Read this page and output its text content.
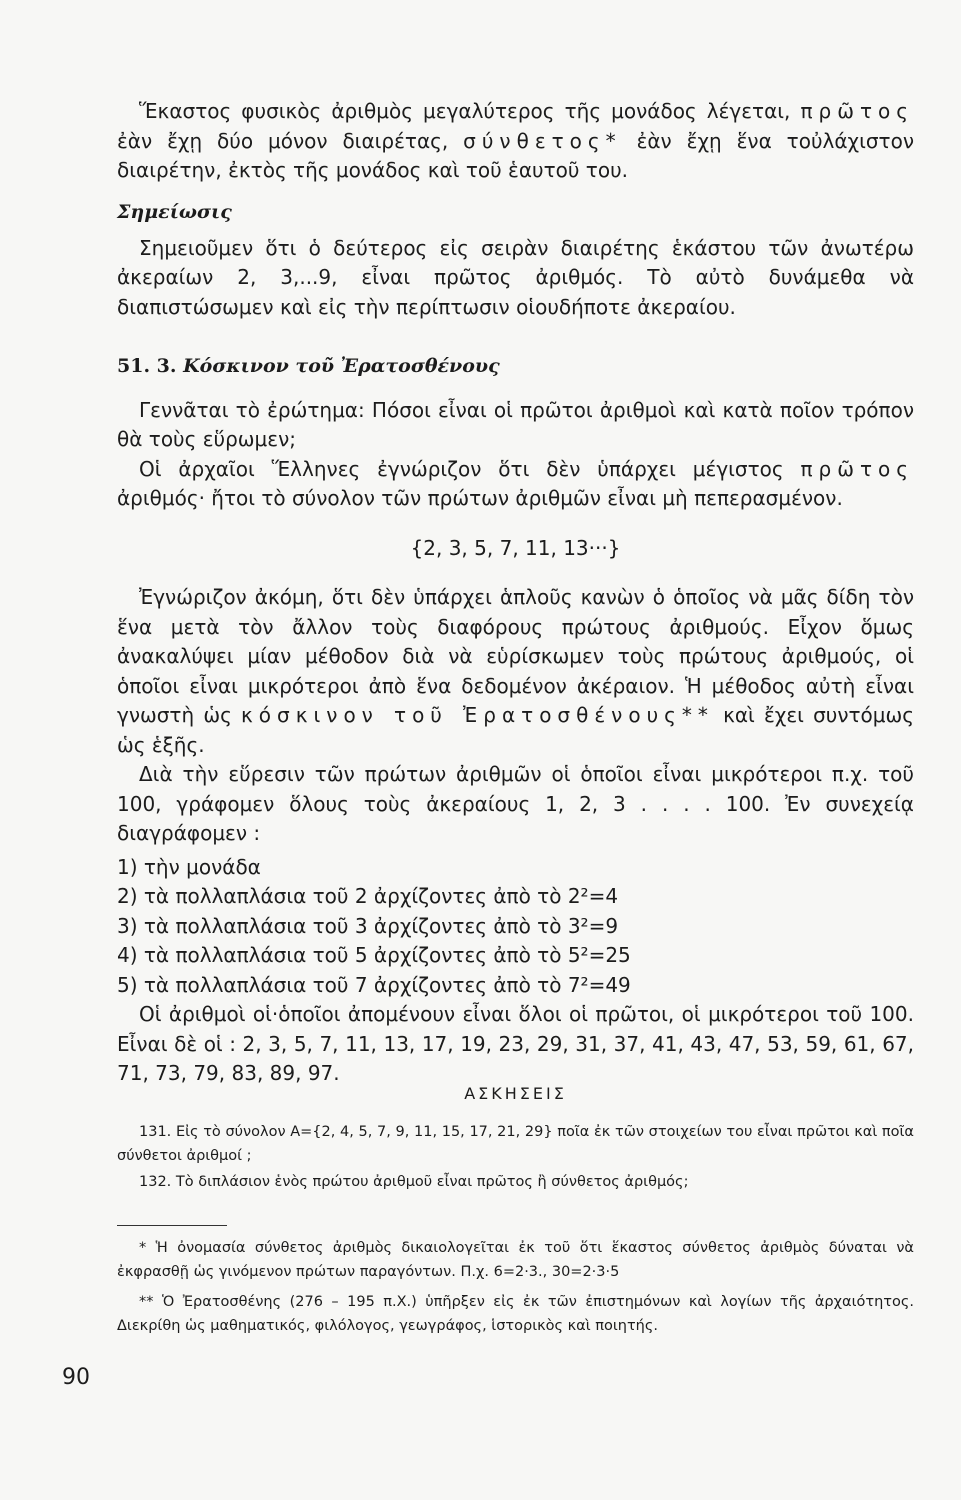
Ἕκαστος φυσικὸς ἀριθμὸς μεγαλύτερος τῆς μονάδος λέγεται, πρῶτος ἐὰν ἔχῃ δύο μόνον διαιρέτας, σύνθετος* ἐὰν ἔχῃ ἕνα τοὐλάχιστον διαιρέτην, ἐκτὸς τῆς μονάδος καὶ τοῦ ἑαυτοῦ του.

Σημείωσις

Σημειοῦμεν ὅτι ὁ δεύτερος εἰς σειρὰν διαιρέτης ἑκάστου τῶν ἀνωτέρω ἀκεραίων 2, 3,...9, εἶναι πρῶτος ἀριθμός. Τὸ αὐτὸ δυνάμεθα νὰ διαπιστώσωμεν καὶ εἰς τὴν περίπτωσιν οἱουδήποτε ἀκεραίου.

51. 3. Κόσκινον τοῦ Ἐρατοσθένους

Γεννᾶται τὸ ἐρώτημα: Πόσοι εἶναι οἱ πρῶτοι ἀριθμοὶ καὶ κατὰ ποῖον τρόπον θὰ τοὺς εὕρωμεν;

Οἱ ἀρχαῖοι Ἕλληνες ἐγνώριζον ὅτι δὲν ὑπάρχει μέγιστος πρῶτος ἀριθμός· ἤτοι τὸ σύνολον τῶν πρώτων ἀριθμῶν εἶναι μὴ πεπερασμένον.

{2, 3, 5, 7, 11, 13···}

Ἐγνώριζον ἀκόμη, ὅτι δὲν ὑπάρχει ἁπλοῦς κανὼν ὁ ὁποῖος νὰ μᾶς δίδη τὸν ἕνα μετὰ τὸν ἄλλον τοὺς διαφόρους πρώτους ἀριθμούς. Εἶχον ὅμως ἀνακαλύψει μίαν μέθοδον διὰ νὰ εὑρίσκωμεν τοὺς πρώτους ἀριθμούς, οἱ ὁποῖοι εἶναι μικρότεροι ἀπὸ ἕνα δεδομένον ἀκέραιον. Ἡ μέθοδος αὐτὴ εἶναι γνωστὴ ὡς κόσκινον τοῦ Ἐρατοσθένους** καὶ ἔχει συντόμως ὡς ἑξῆς.

Διὰ τὴν εὕρεσιν τῶν πρώτων ἀριθμῶν οἱ ὁποῖοι εἶναι μικρότεροι π.χ. τοῦ 100, γράφομεν ὅλους τοὺς ἀκεραίους 1, 2, 3 . . . . 100. Ἐν συνεχείᾳ διαγράφομεν :

1) τὴν μονάδα

2) τὰ πολλαπλάσια τοῦ 2 ἀρχίζοντες ἀπὸ τὸ 2²=4

3) τὰ πολλαπλάσια τοῦ 3 ἀρχίζοντες ἀπὸ τὸ 3²=9

4) τὰ πολλαπλάσια τοῦ 5 ἀρχίζοντες ἀπὸ τὸ 5²=25

5) τὰ πολλαπλάσια τοῦ 7 ἀρχίζοντες ἀπὸ τὸ 7²=49

Οἱ ἀριθμοὶ οἱ·ὁποῖοι ἀπομένουν εἶναι ὅλοι οἱ πρῶτοι, οἱ μικρότεροι τοῦ 100. Εἶναι δὲ οἱ : 2, 3, 5, 7, 11, 13, 17, 19, 23, 29, 31, 37, 41, 43, 47, 53, 59, 61, 67, 71, 73, 79, 83, 89, 97.

ΑΣΚΗΣΕΙΣ

131. Εἰς τὸ σύνολον Α={2, 4, 5, 7, 9, 11, 15, 17, 21, 29} ποῖα ἐκ τῶν στοιχείων του εἶναι πρῶτοι καὶ ποῖα σύνθετοι ἀριθμοί ;

132. Τὸ διπλάσιον ἑνὸς πρώτου ἀριθμοῦ εἶναι πρῶτος ἢ σύνθετος ἀριθμός;

* Ἡ ὀνομασία σύνθετος ἀριθμὸς δικαιολογεῖται ἐκ τοῦ ὅτι ἕκαστος σύνθετος ἀριθμὸς δύναται νὰ ἐκφρασθῇ ὡς γινόμενον πρώτων παραγόντων. Π.χ. 6=2·3., 30=2·3·5

** Ὁ Ἐρατοσθένης (276 – 195 π.Χ.) ὑπῆρξεν εἰς ἐκ τῶν ἐπιστημόνων καὶ λογίων τῆς ἀρχαιότητος. Διεκρίθη ὡς μαθηματικός, φιλόλογος, γεωγράφος, ἱστορικὸς καὶ ποιητής.

90
